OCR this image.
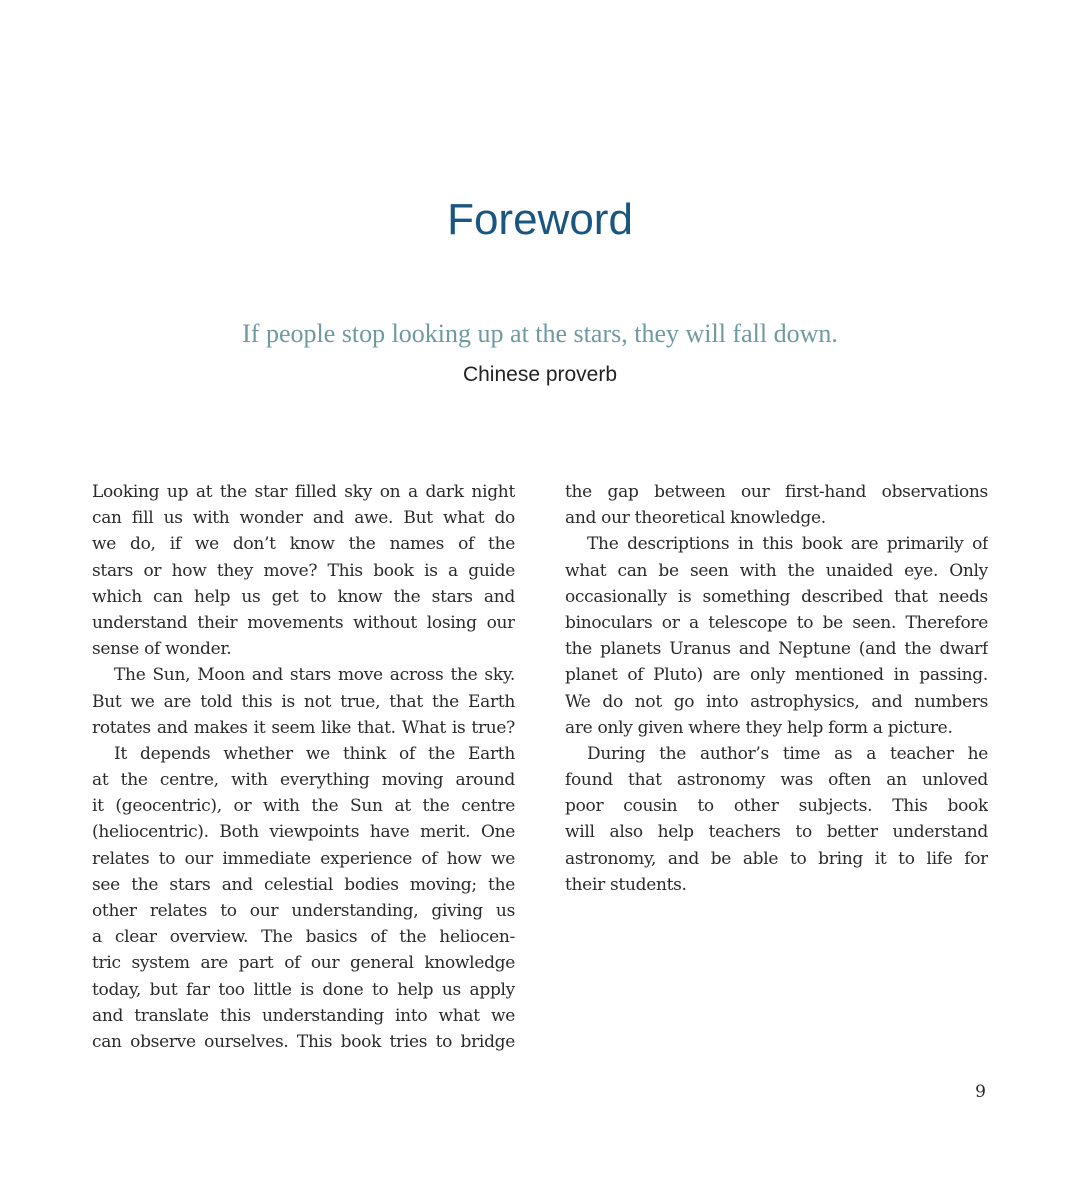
Foreword
If people stop looking up at the stars, they will fall down.
Chinese proverb
Looking up at the star filled sky on a dark night
can fill us with wonder and awe. But what do
we do, if we don’t know the names of the
stars or how they move? This book is a guide
which can help us get to know the stars and
understand their movements without losing our
sense of wonder.
The Sun, Moon and stars move across the sky.
But we are told this is not true, that the Earth
rotates and makes it seem like that. What is true?
It depends whether we think of the Earth
at the centre, with everything moving around
it (geocentric), or with the Sun at the centre
(heliocentric). Both viewpoints have merit. One
relates to our immediate experience of how we
see the stars and celestial bodies moving; the
other relates to our understanding, giving us
a clear overview. The basics of the heliocen-
tric system are part of our general knowledge
today, but far too little is done to help us apply
and translate this understanding into what we
can observe ourselves. This book tries to bridge
the gap between our first-hand observations
and our theoretical knowledge.
The descriptions in this book are primarily of
what can be seen with the unaided eye. Only
occasionally is something described that needs
binoculars or a telescope to be seen. Therefore
the planets Uranus and Neptune (and the dwarf
planet of Pluto) are only mentioned in passing.
We do not go into astrophysics, and numbers
are only given where they help form a picture.
During the author’s time as a teacher he
found that astronomy was often an unloved
poor cousin to other subjects. This book
will also help teachers to better understand
astronomy, and be able to bring it to life for
their students.
9
